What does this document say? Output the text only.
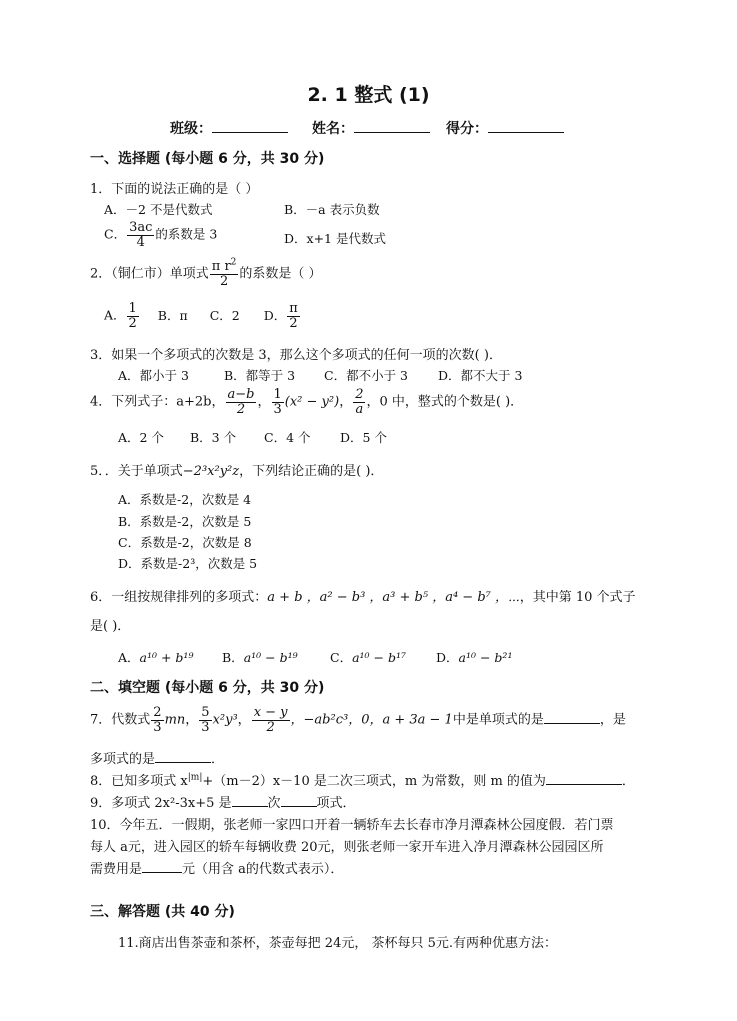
2. 1 整式 (1)
班级：	姓名：	得分：
一、选择题 (每小题 6 分，共 30 分)
1．下面的说法正确的是（ ）
A．－2 不是代数式	B．－a 表示负数
C． $\frac{3ac}{4}$ 的系数是 3	D．x+1 是代数式
2．（铜仁市）单项式 $\frac{\pi r^2}{2}$ 的系数是（ ）
A． $\frac{1}{2}$ B．π C．2 D． $\frac{\pi}{2}$
3．如果一个多项式的次数是 3，那么这个多项式的任何一项的次数( )．
A．都小于 3	B．都等于 3 C．都不小于 3 D．都不大于 3
4．下列式子：a+2b， $\frac{a-b}{2}$ ， $\frac{1}{3} (x^2 - y^2)$， $\frac{2}{a}$ ，0 中，整式的个数是( )．
A．2 个 B．3 个 C．4 个 D．5 个
5．．关于单项式−2³x²y²z，下列结论正确的是( )．
A．系数是-2，次数是 4
B．系数是-2，次数是 5
C．系数是-2，次数是 8
D．系数是-2³，次数是 5
6．一组按规律排列的多项式：a + b ，a² − b³ ，a³ + b⁵ ，a⁴ − b⁷ ，⋯，其中第 10 个式子
是( )．
A．a¹⁰ + b¹⁹ B．a¹⁰ − b¹⁹	C．a¹⁰ − b¹⁷ D．a¹⁰ − b²¹
二、填空题 (每小题 6 分，共 30 分)
7．代数式 $\frac{2}{3}$ mn， $\frac{5}{3} x^2y^3$， $\frac{x - y}{2}$ ，−ab²c³，0，a + 3a − 1中是单项式的是	，是
多项式的是	．
8．已知多项式 $x^{|m|}+(m-2)x-10$ 是二次三项式，m 为常数，则 m 的值为	．
9．多项式 2x²-3x+5 是	次	项式．
10．今年五．一假期，张老师一家四口开着一辆轿车去长春市净月潭森林公园度假．若门票
每人 a元，进入园区的轿车每辆收费 20元，则张老师一家开车进入净月潭森林公园园区所
需费用是	元（用含 a的代数式表示）．
三、解答题 (共 40 分)
11.商店出售茶壶和茶杯，茶壶每把 24元， 茶杯每只 5元.有两种优惠方法：
